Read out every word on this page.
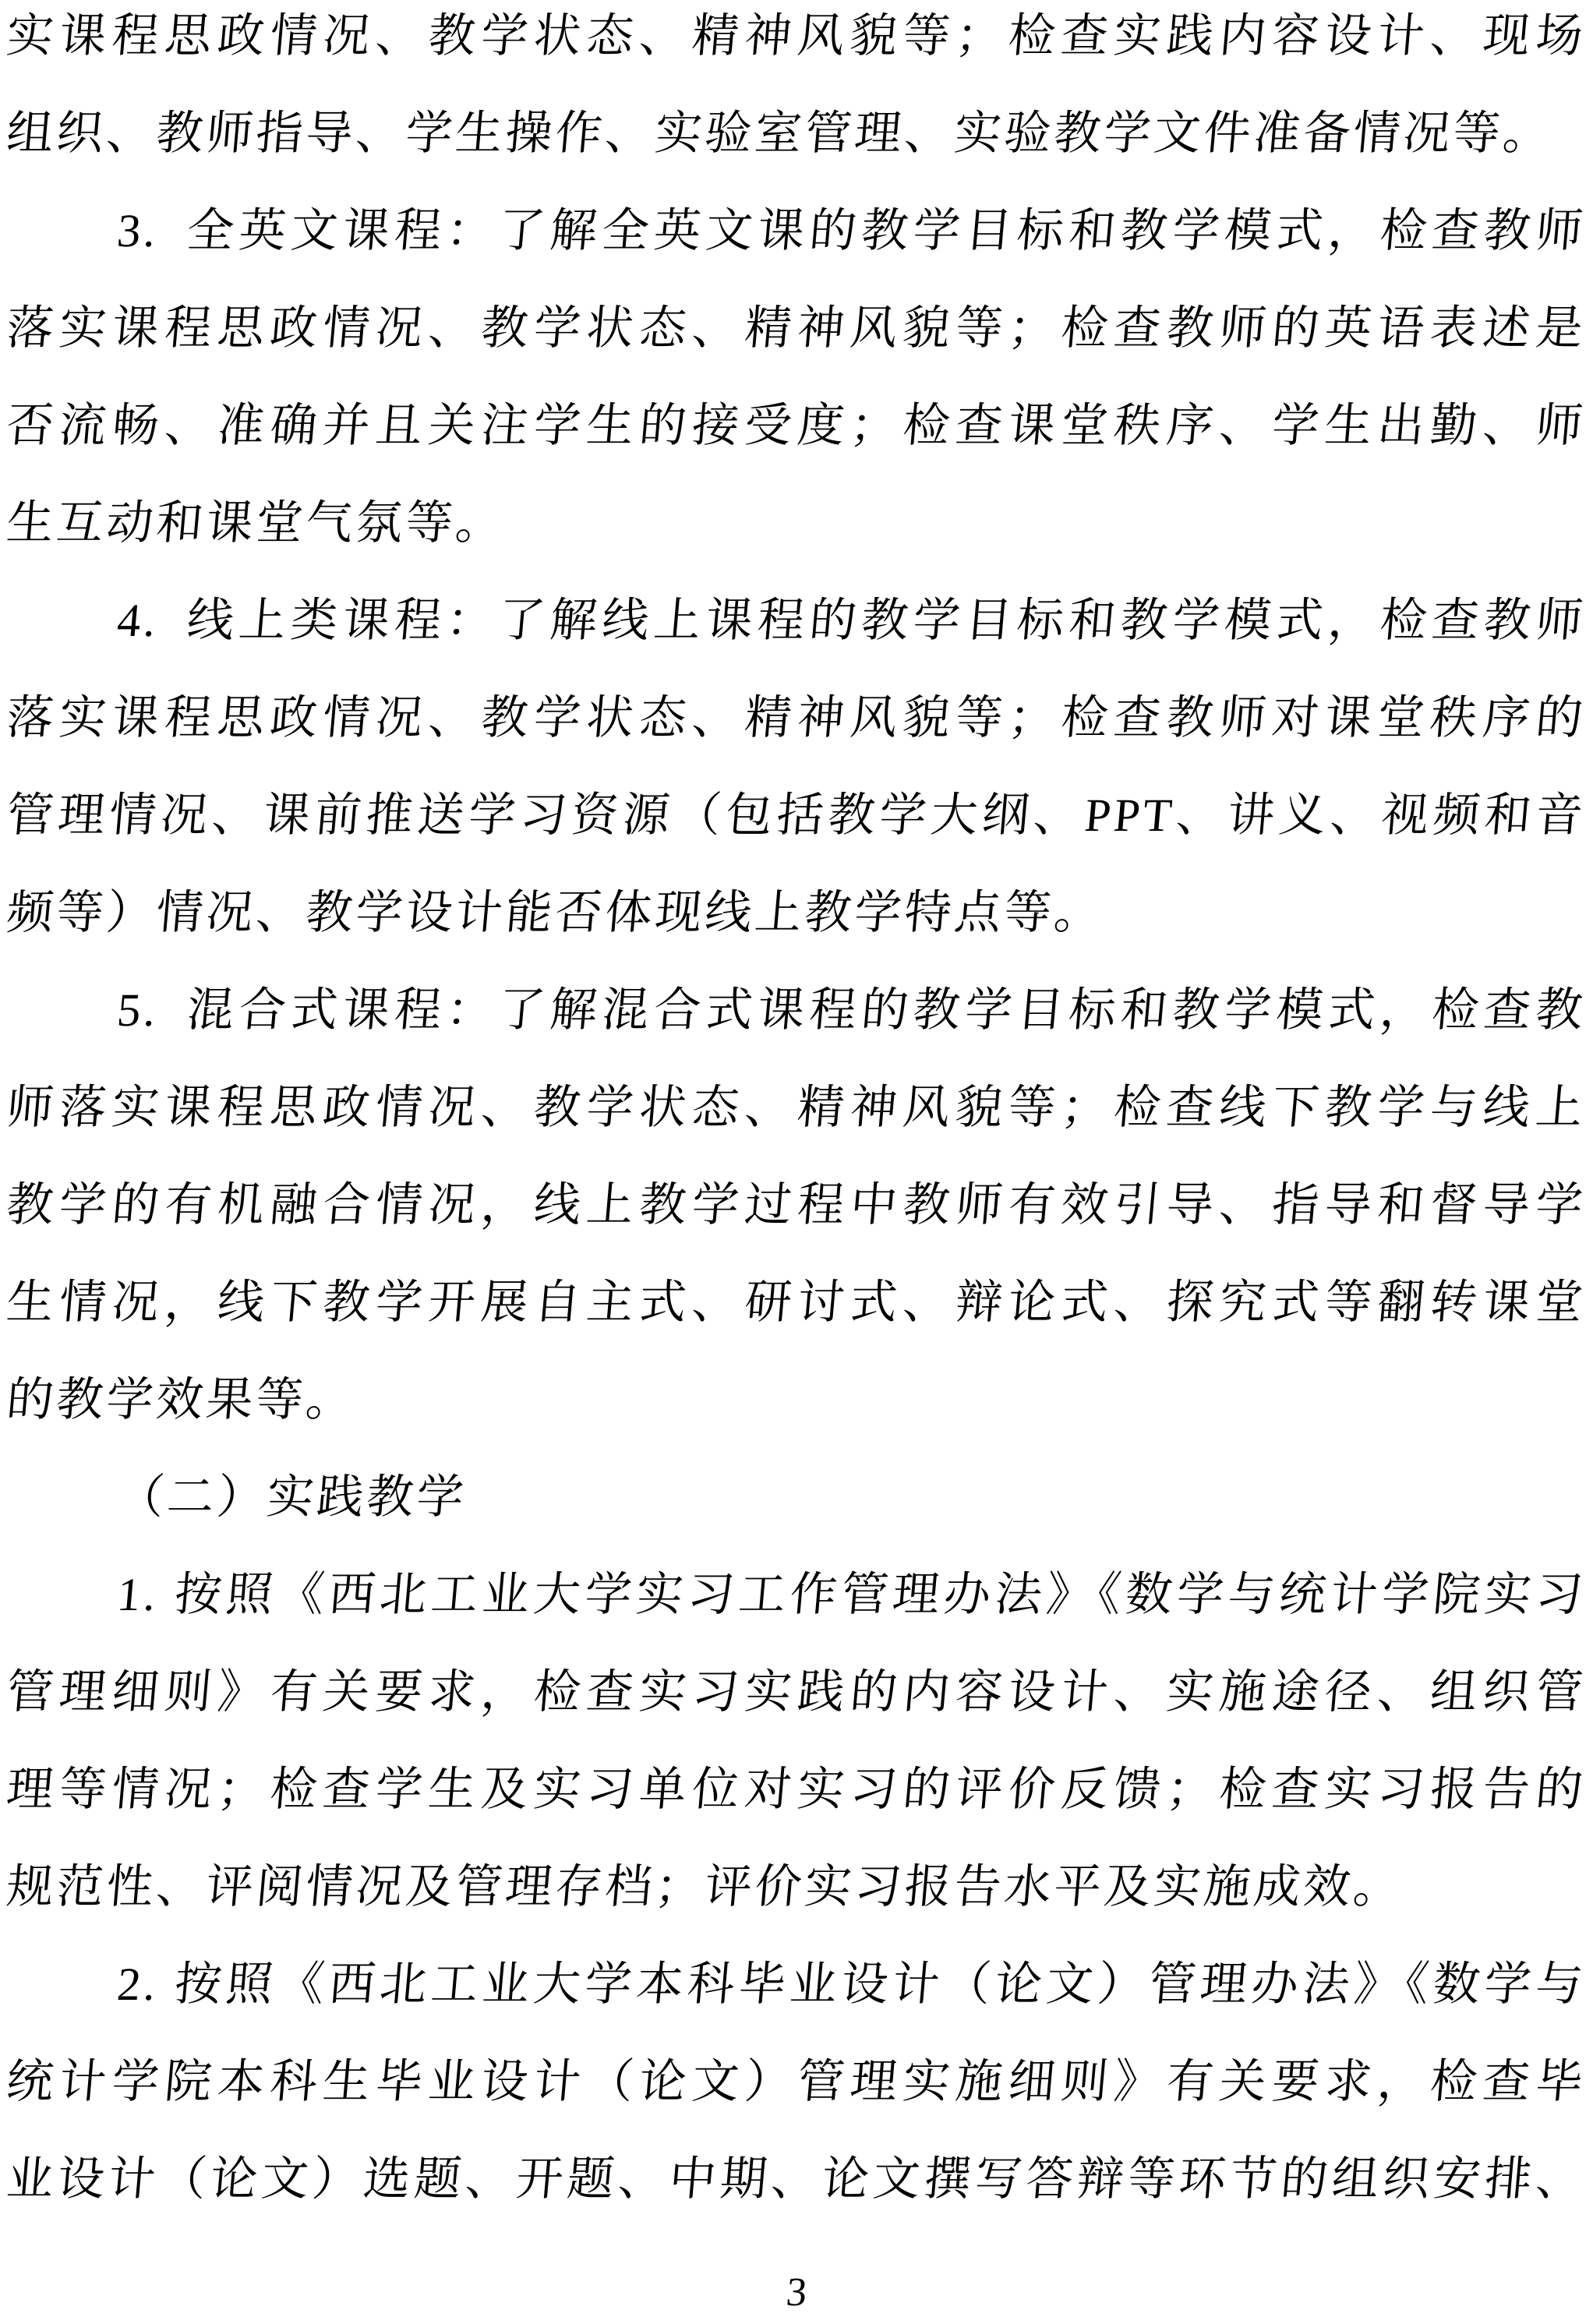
实课程思政情况、教学状态、精神风貌等；检查实践内容设计、现场
组织、教师指导、学生操作、实验室管理、实验教学文件准备情况等。
3. 全英文课程：了解全英文课的教学目标和教学模式，检查教师
落实课程思政情况、教学状态、精神风貌等；检查教师的英语表述是
否流畅、准确并且关注学生的接受度；检查课堂秩序、学生出勤、师
生互动和课堂气氛等。
4. 线上类课程：了解线上课程的教学目标和教学模式，检查教师
落实课程思政情况、教学状态、精神风貌等；检查教师对课堂秩序的
管理情况、课前推送学习资源（包括教学大纲、PPT、讲义、视频和音
频等）情况、教学设计能否体现线上教学特点等。
5. 混合式课程：了解混合式课程的教学目标和教学模式，检查教
师落实课程思政情况、教学状态、精神风貌等；检查线下教学与线上
教学的有机融合情况，线上教学过程中教师有效引导、指导和督导学
生情况，线下教学开展自主式、研讨式、辩论式、探究式等翻转课堂
的教学效果等。
（二）实践教学
1. 按照《西北工业大学实习工作管理办法》《数学与统计学院实习
管理细则》有关要求，检查实习实践的内容设计、实施途径、组织管
理等情况；检查学生及实习单位对实习的评价反馈；检查实习报告的
规范性、评阅情况及管理存档；评价实习报告水平及实施成效。
2. 按照《西北工业大学本科毕业设计（论文）管理办法》《数学与
统计学院本科生毕业设计（论文）管理实施细则》有关要求，检查毕
业设计（论文）选题、开题、中期、论文撰写答辩等环节的组织安排、
3
